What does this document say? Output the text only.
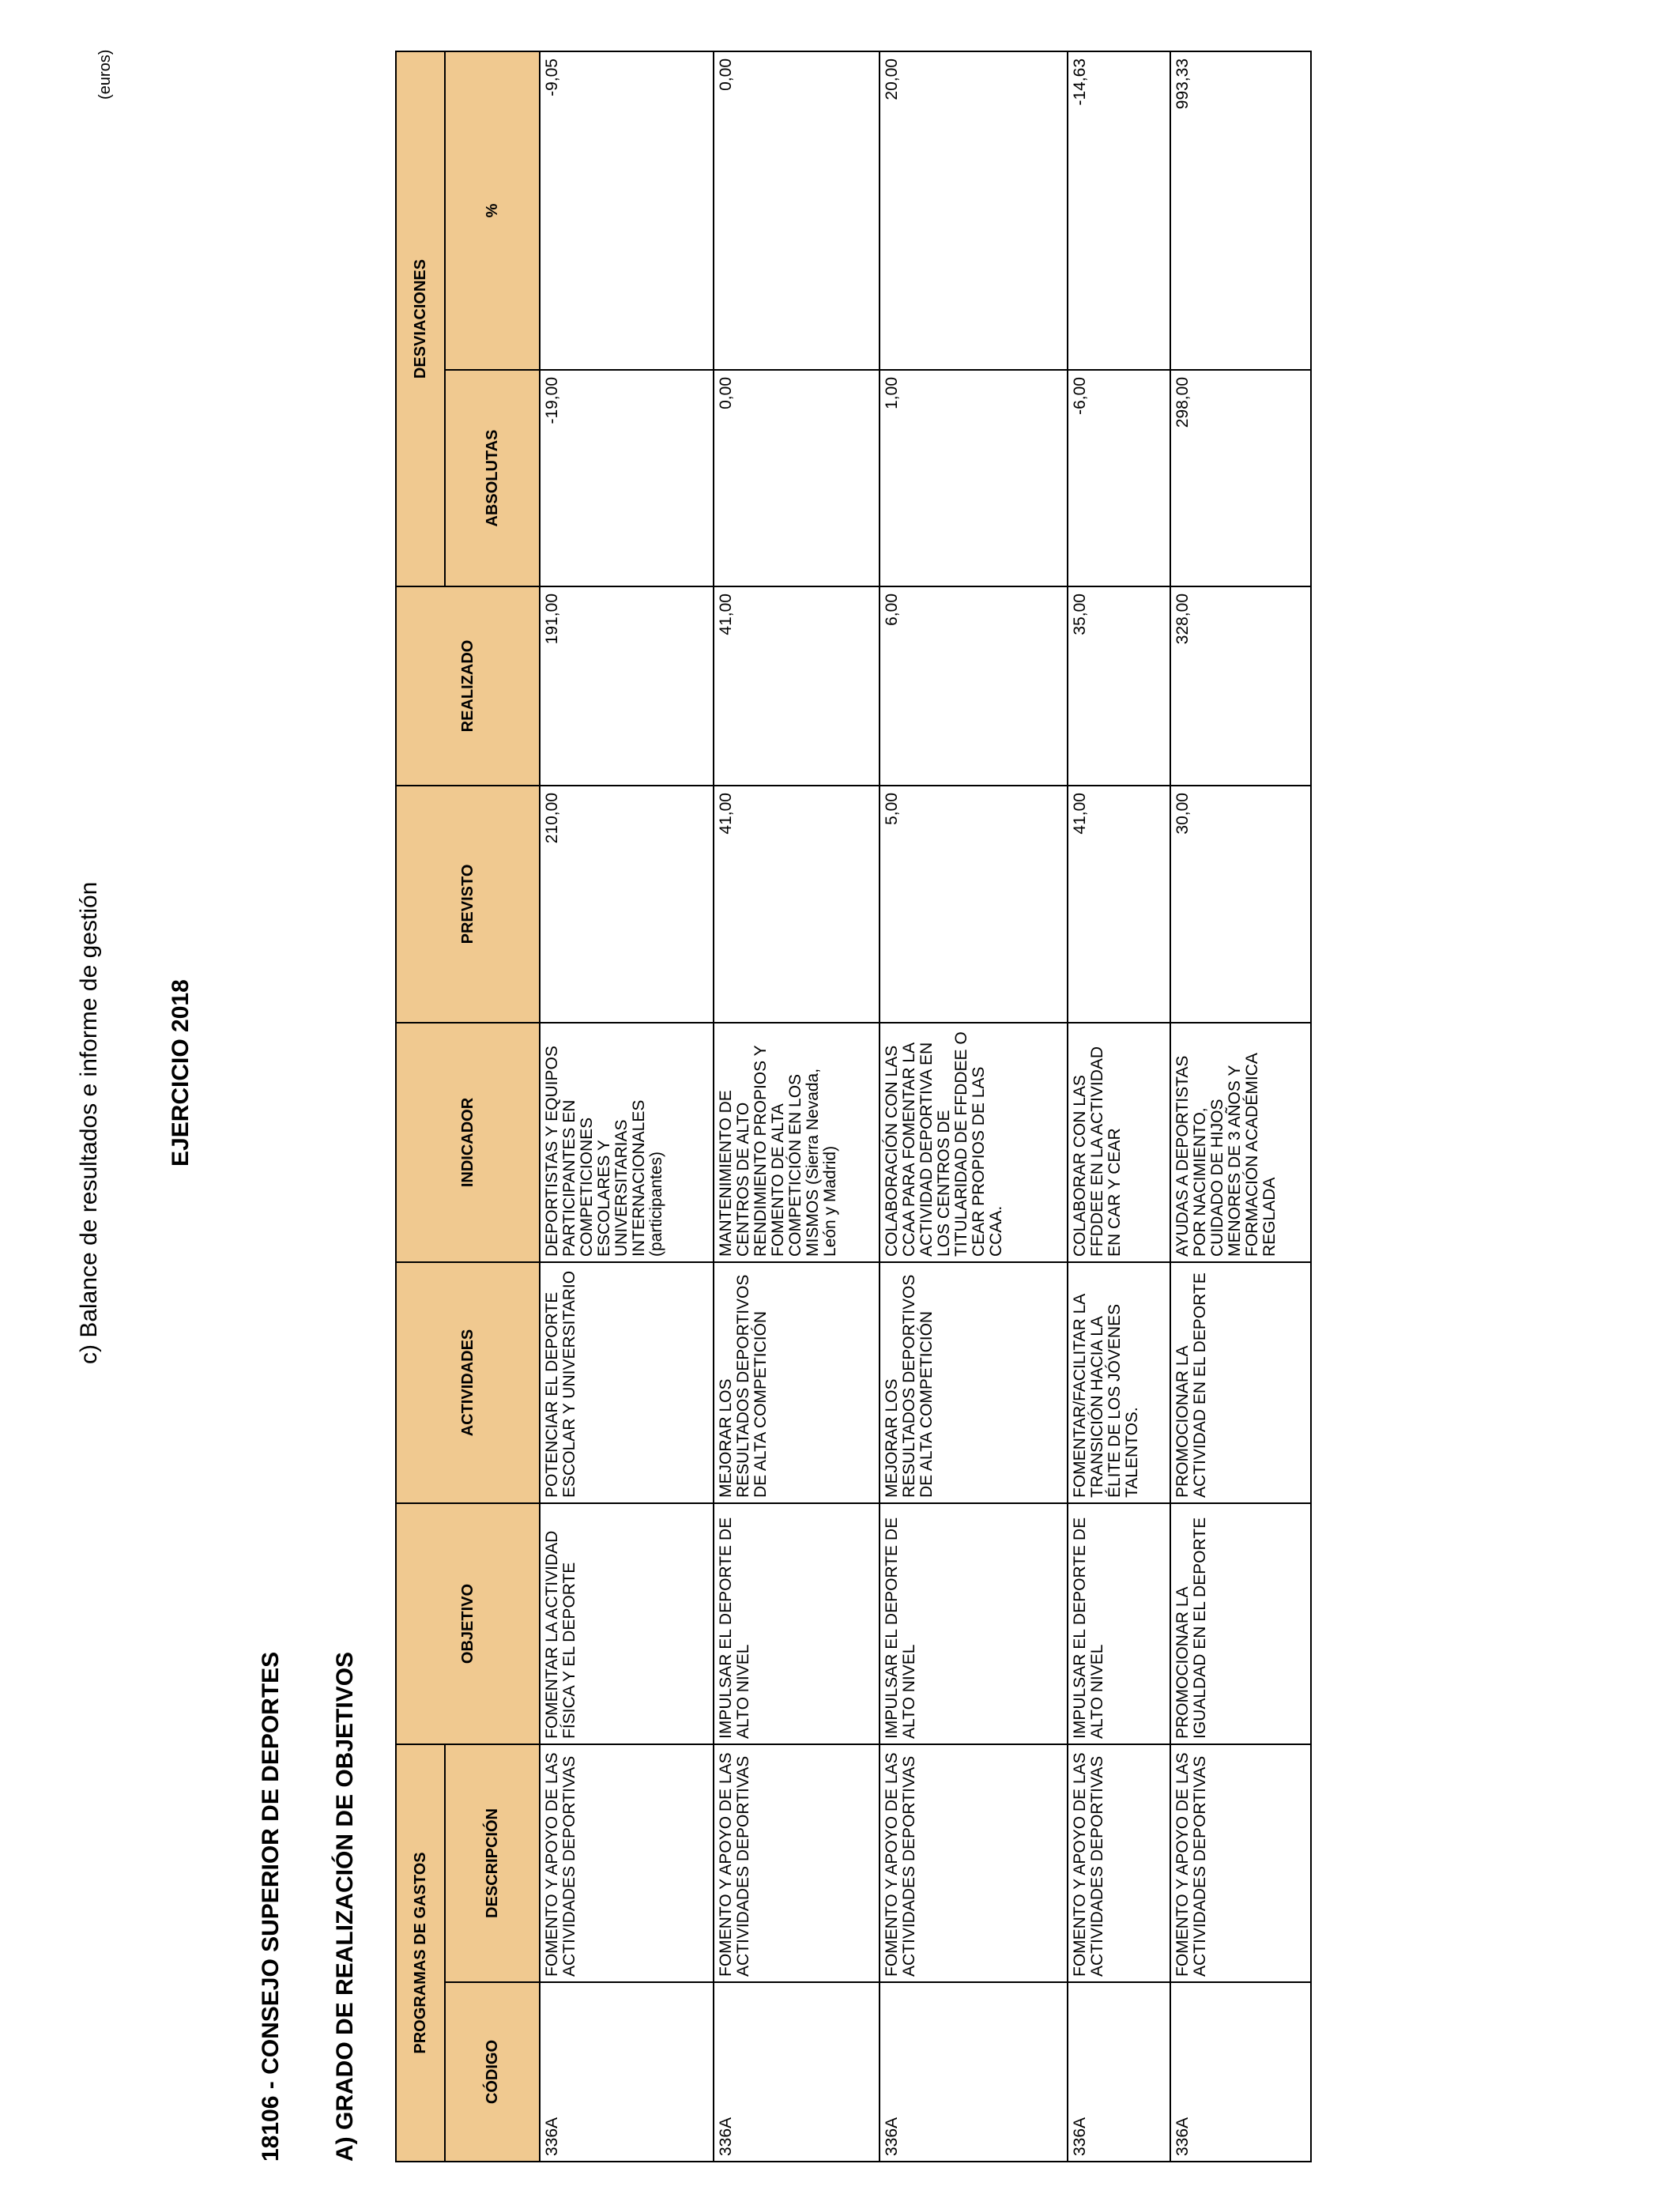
c) Balance de resultados e informe de gestión	EJERCICIO 2018
18106 - CONSEJO SUPERIOR DE DEPORTES A) GRADO DE REALIZACIÓN DE OBJETIVOS
(euros)
PROGRAMAS DE GASTOS		OBJETIVO	ACTIVIDADES	INDICADOR	PREVISTO	REALIZADO	DESVIACIONES	
CÓDIGO	DESCRIPCIÓN						ABSOLUTAS	%
336A	FOMENTO Y APOYO DE LAS ACTIVIDADES DEPORTIVAS	FOMENTAR LA ACTIVIDAD FÍSICA Y EL DEPORTE	POTENCIAR EL DEPORTE ESCOLAR Y UNIVERSITARIO	DEPORTISTAS Y EQUIPOS PARTICIPANTES EN COMPETICIONES ESCOLARES Y UNIVERSITARIAS INTERNACIONALES (participantes)	210,00	191,00	-19,00	-9,05
336A	FOMENTO Y APOYO DE LAS ACTIVIDADES DEPORTIVAS	IMPULSAR EL DEPORTE DE ALTO NIVEL	MEJORAR LOS RESULTADOS DEPORTIVOS DE ALTA COMPETICIÓN	MANTENIMIENTO DE CENTROS DE ALTO RENDIMIENTO PROPIOS Y FOMENTO DE ALTA COMPETICIÓN EN LOS MISMOS (Sierra Nevada, León y Madrid)	41,00	41,00	0,00	0,00
336A	FOMENTO Y APOYO DE LAS ACTIVIDADES DEPORTIVAS	IMPULSAR EL DEPORTE DE ALTO NIVEL	MEJORAR LOS RESULTADOS DEPORTIVOS DE ALTA COMPETICIÓN	COLABORACIÓN CON LAS CCAA PARA FOMENTAR LA ACTIVIDAD DEPORTIVA EN LOS CENTROS DE TITULARIDAD DE FFDDEE O CEAR PROPIOS DE LAS CCAA.	5,00	6,00	1,00	20,00
336A	FOMENTO Y APOYO DE LAS ACTIVIDADES DEPORTIVAS	IMPULSAR EL DEPORTE DE ALTO NIVEL	FOMENTAR/FACILITAR LA TRANSICIÓN HACIA LA ÉLITE DE LOS JÓVENES TALENTOS.	COLABORAR CON LAS FFDDEE EN LA ACTIVIDAD EN CAR Y CEAR	41,00	35,00	-6,00	-14,63
336A	FOMENTO Y APOYO DE LAS ACTIVIDADES DEPORTIVAS	PROMOCIONAR LA IGUALDAD EN EL DEPORTE	PROMOCIONAR LA ACTIVIDAD EN EL DEPORTE	AYUDAS A DEPORTISTAS POR NACIMIENTO, CUIDADO DE HIJOS MENORES DE 3 AÑOS Y FORMACIÓN ACADÉMICA REGLADA	30,00	328,00	298,00	993,33
